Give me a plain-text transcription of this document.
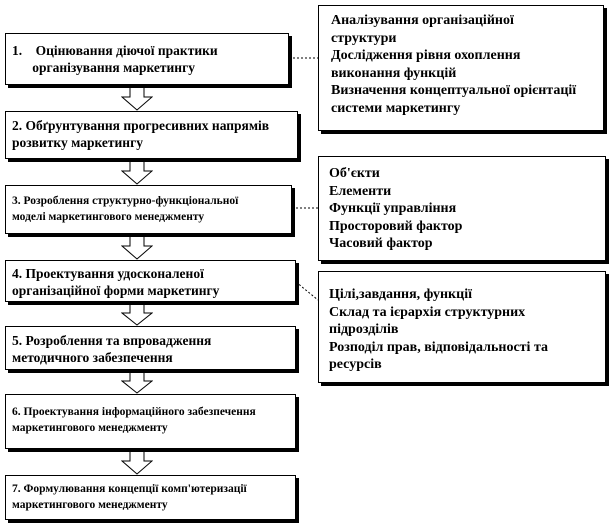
1.    Оцінювання діючої практики
організування маркетингу
2. Обґрунтування прогресивних напрямів
розвитку маркетингу
3. Розроблення структурно-функціональної
моделі маркетингового менеджменту
4. Проектування удосконаленої
організаційної форми маркетингу
5. Розроблення та впровадження
методичного забезпечення
6. Проектування інформаційного забезпечення
маркетингового менеджменту
7. Формулювання концепції комп'ютеризації
маркетингового менеджменту
Аналізування організаційної
структури
Дослідження рівня охоплення
виконання функцій
Визначення концептуальної орієнтації
системи маркетингу
Об'єкти
Елементи
Функції управління
Просторовий фактор
Часовий фактор
Цілі,завдання, функції
Склад та ієрархія структурних
підрозділів
Розподіл прав, відповідальності та
ресурсів
